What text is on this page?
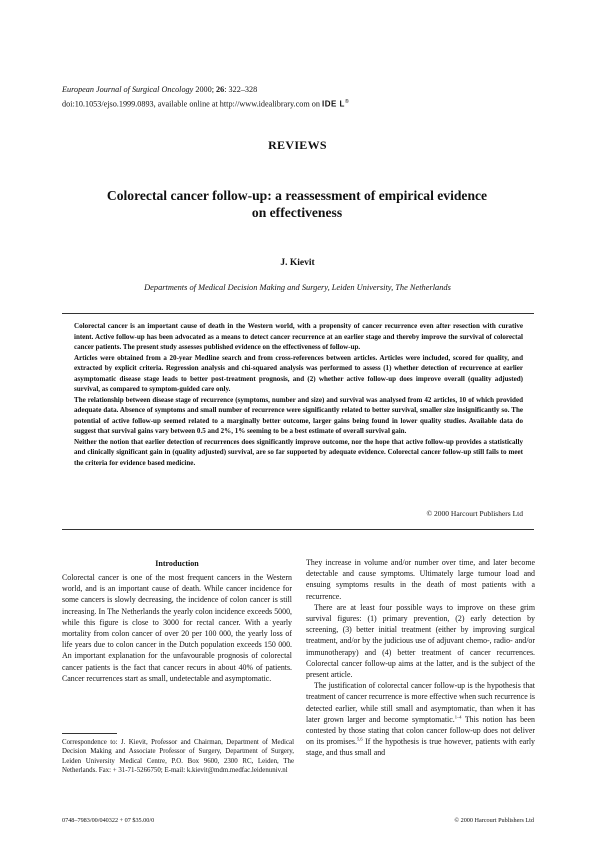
European Journal of Surgical Oncology 2000; 26: 322–328
doi:10.1053/ejso.1999.0893, available online at http://www.idealibrary.com on IDE L®
REVIEWS
Colorectal cancer follow-up: a reassessment of empirical evidence
on effectiveness
J. Kievit
Departments of Medical Decision Making and Surgery, Leiden University, The Netherlands

Colorectal cancer is an important cause of death in the Western world, with a propensity of cancer recurrence even after resection with curative intent. Active follow-up has been advocated as a means to detect cancer recurrence at an earlier stage and thereby improve the survival of colorectal cancer patients. The present study assesses published evidence on the effectiveness of follow-up.

Articles were obtained from a 20-year Medline search and from cross-references between articles. Articles were included, scored for quality, and extracted by explicit criteria. Regression analysis and chi-squared analysis was performed to assess (1) whether detection of recurrence at earlier asymptomatic disease stage leads to better post-treatment prognosis, and (2) whether active follow-up does improve overall (quality adjusted) survival, as compared to symptom-guided care only.

The relationship between disease stage of recurrence (symptoms, number and size) and survival was analysed from 42 articles, 10 of which provided adequate data. Absence of symptoms and small number of recurrence were significantly related to better survival, smaller size insignificantly so. The potential of active follow-up seemed related to a marginally better outcome, larger gains being found in lower quality studies. Available data do suggest that survival gains vary between 0.5 and 2%, 1% seeming to be a best estimate of overall survival gain.

Neither the notion that earlier detection of recurrences does significantly improve outcome, nor the hope that active follow-up provides a statistically and clinically significant gain in (quality adjusted) survival, are so far supported by adequate evidence. Colorectal cancer follow-up still fails to meet the criteria for evidence based medicine.

© 2000 Harcourt Publishers Ltd
Introduction

Colorectal cancer is one of the most frequent cancers in the Western world, and is an important cause of death. While cancer incidence for some cancers is slowly decreasing, the incidence of colon cancer is still increasing. In The Netherlands the yearly colon incidence exceeds 5000, while this figure is close to 3000 for rectal cancer. With a yearly mortality from colon cancer of over 20 per 100 000, the yearly loss of life years due to colon cancer in the Dutch population exceeds 150 000. An important explanation for the unfavourable prognosis of colorectal cancer patients is the fact that cancer recurs in about 40% of patients. Cancer recurrences start as small, undetectable and asymptomatic.

Correspondence to: J. Kievit, Professor and Chairman, Department of Medical Decision Making and Associate Professor of Surgery, Department of Surgery, Leiden University Medical Centre, P.O. Box 9600, 2300 RC, Leiden, The Netherlands. Fax: + 31-71-5266750; E-mail: k.kievit@mdm.medfac.leidenuniv.nl

They increase in volume and/or number over time, and later become detectable and cause symptoms. Ultimately large tumour load and ensuing symptoms results in the death of most patients with a recurrence.

There are at least four possible ways to improve on these grim survival figures: (1) primary prevention, (2) early detection by screening, (3) better initial treatment (either by improving surgical treatment, and/or by the judicious use of adjuvant chemo-, radio- and/or immunotherapy) and (4) better treatment of cancer recurrences. Colorectal cancer follow-up aims at the latter, and is the subject of the present article.

The justification of colorectal cancer follow-up is the hypothesis that treatment of cancer recurrence is more effective when such recurrence is detected earlier, while still small and asymptomatic, than when it has later grown larger and become symptomatic.$^{1-4}$ This notion has been contested by those stating that colon cancer follow-up does not deliver on its promises.$^{5,6}$ If the hypothesis is true however, patients with early stage, and thus small and

0748–7983/00/040322 + 07 $35.00/0	© 2000 Harcourt Publishers Ltd
